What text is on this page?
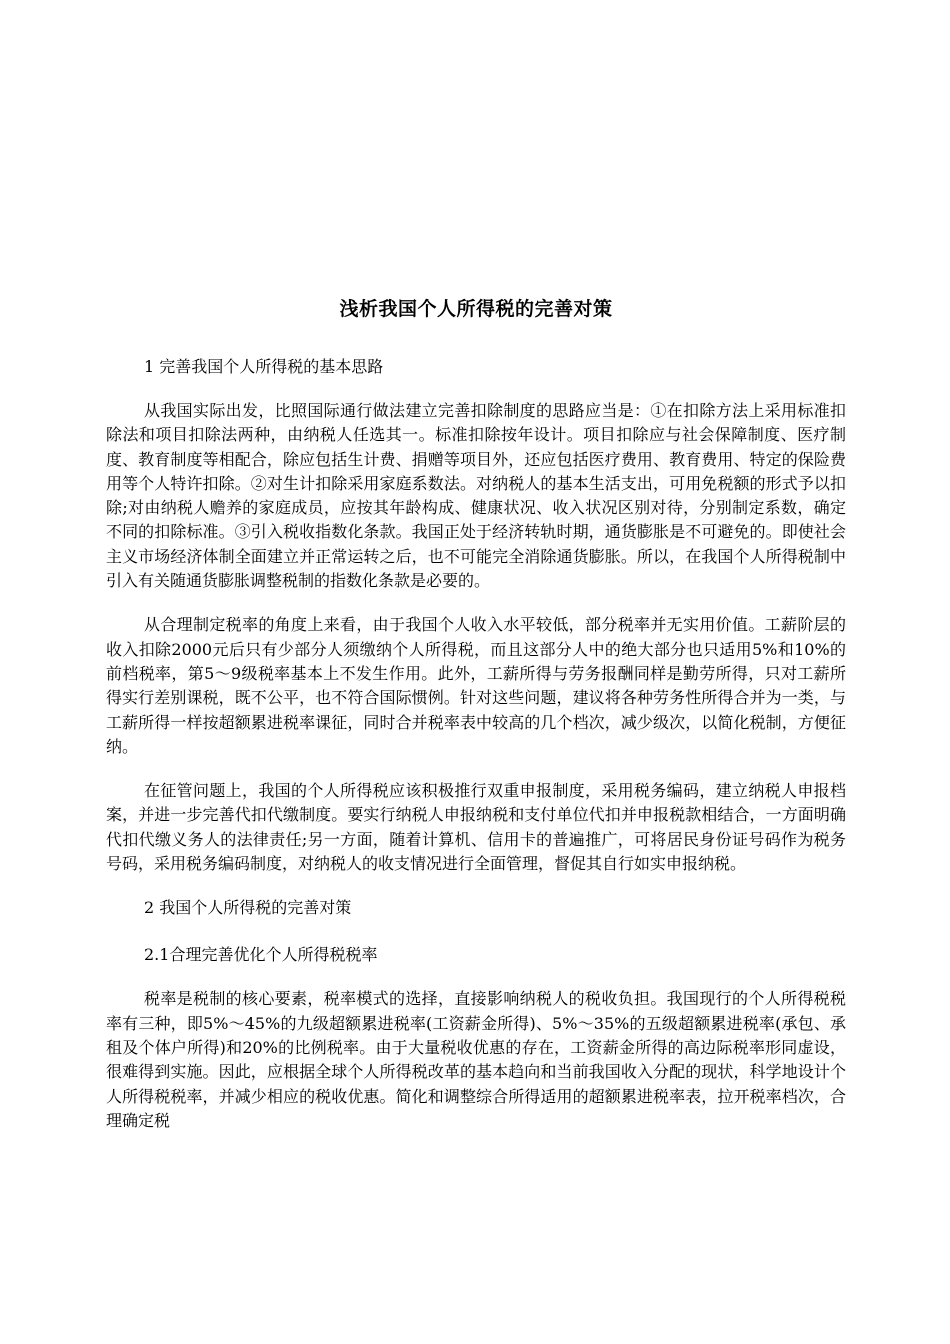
浅析我国个人所得税的完善对策

1 完善我国个人所得税的基本思路

从我国实际出发，比照国际通行做法建立完善扣除制度的思路应当是：①在扣除方法上采用标准扣除法和项目扣除法两种，由纳税人任选其一。标准扣除按年设计。项目扣除应与社会保障制度、医疗制度、教育制度等相配合，除应包括生计费、捐赠等项目外，还应包括医疗费用、教育费用、特定的保险费用等个人特许扣除。②对生计扣除采用家庭系数法。对纳税人的基本生活支出，可用免税额的形式予以扣除;对由纳税人赡养的家庭成员，应按其年龄构成、健康状况、收入状况区别对待，分别制定系数，确定不同的扣除标准。③引入税收指数化条款。我国正处于经济转轨时期，通货膨胀是不可避免的。即使社会主义市场经济体制全面建立并正常运转之后，也不可能完全消除通货膨胀。所以，在我国个人所得税制中引入有关随通货膨胀调整税制的指数化条款是必要的。

从合理制定税率的角度上来看，由于我国个人收入水平较低，部分税率并无实用价值。工薪阶层的收入扣除2000元后只有少部分人须缴纳个人所得税，而且这部分人中的绝大部分也只适用5%和10%的前档税率，第5～9级税率基本上不发生作用。此外，工薪所得与劳务报酬同样是勤劳所得，只对工薪所得实行差别课税，既不公平，也不符合国际惯例。针对这些问题，建议将各种劳务性所得合并为一类，与工薪所得一样按超额累进税率课征，同时合并税率表中较高的几个档次，减少级次，以简化税制，方便征纳。

在征管问题上，我国的个人所得税应该积极推行双重申报制度，采用税务编码，建立纳税人申报档案，并进一步完善代扣代缴制度。要实行纳税人申报纳税和支付单位代扣并申报税款相结合，一方面明确代扣代缴义务人的法律责任;另一方面，随着计算机、信用卡的普遍推广，可将居民身份证号码作为税务号码，采用税务编码制度，对纳税人的收支情况进行全面管理，督促其自行如实申报纳税。

2 我国个人所得税的完善对策

2.1合理完善优化个人所得税税率

税率是税制的核心要素，税率模式的选择，直接影响纳税人的税收负担。我国现行的个人所得税税率有三种，即5%～45%的九级超额累进税率(工资薪金所得)、5%～35%的五级超额累进税率(承包、承租及个体户所得)和20%的比例税率。由于大量税收优惠的存在，工资薪金所得的高边际税率形同虚设，很难得到实施。因此，应根据全球个人所得税改革的基本趋向和当前我国收入分配的现状，科学地设计个人所得税税率，并减少相应的税收优惠。简化和调整综合所得适用的超额累进税率表，拉开税率档次，合理确定税
